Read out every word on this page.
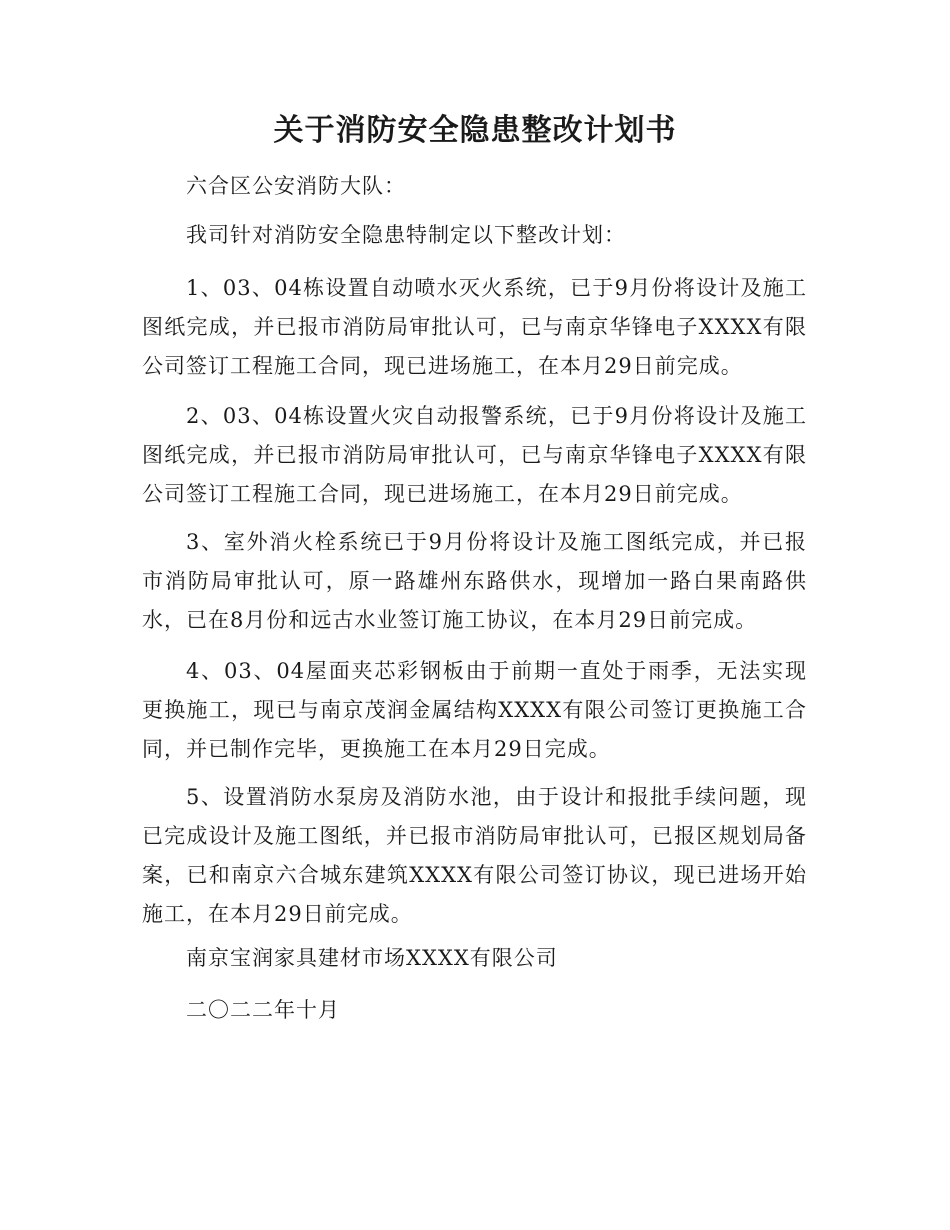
关于消防安全隐患整改计划书

六合区公安消防大队：

我司针对消防安全隐患特制定以下整改计划：

1、03、04栋设置自动喷水灭火系统，已于9月份将设计及施工图纸完成，并已报市消防局审批认可，已与南京华锋电子XXXX有限公司签订工程施工合同，现已进场施工，在本月29日前完成。

2、03、04栋设置火灾自动报警系统，已于9月份将设计及施工图纸完成，并已报市消防局审批认可，已与南京华锋电子XXXX有限公司签订工程施工合同，现已进场施工，在本月29日前完成。

3、室外消火栓系统已于9月份将设计及施工图纸完成，并已报市消防局审批认可，原一路雄州东路供水，现增加一路白果南路供水，已在8月份和远古水业签订施工协议，在本月29日前完成。

4、03、04屋面夹芯彩钢板由于前期一直处于雨季，无法实现更换施工，现已与南京茂润金属结构XXXX有限公司签订更换施工合同，并已制作完毕，更换施工在本月29日完成。

5、设置消防水泵房及消防水池，由于设计和报批手续问题，现已完成设计及施工图纸，并已报市消防局审批认可，已报区规划局备案，已和南京六合城东建筑XXXX有限公司签订协议，现已进场开始施工，在本月29日前完成。

南京宝润家具建材市场XXXX有限公司

二〇二二年十月
